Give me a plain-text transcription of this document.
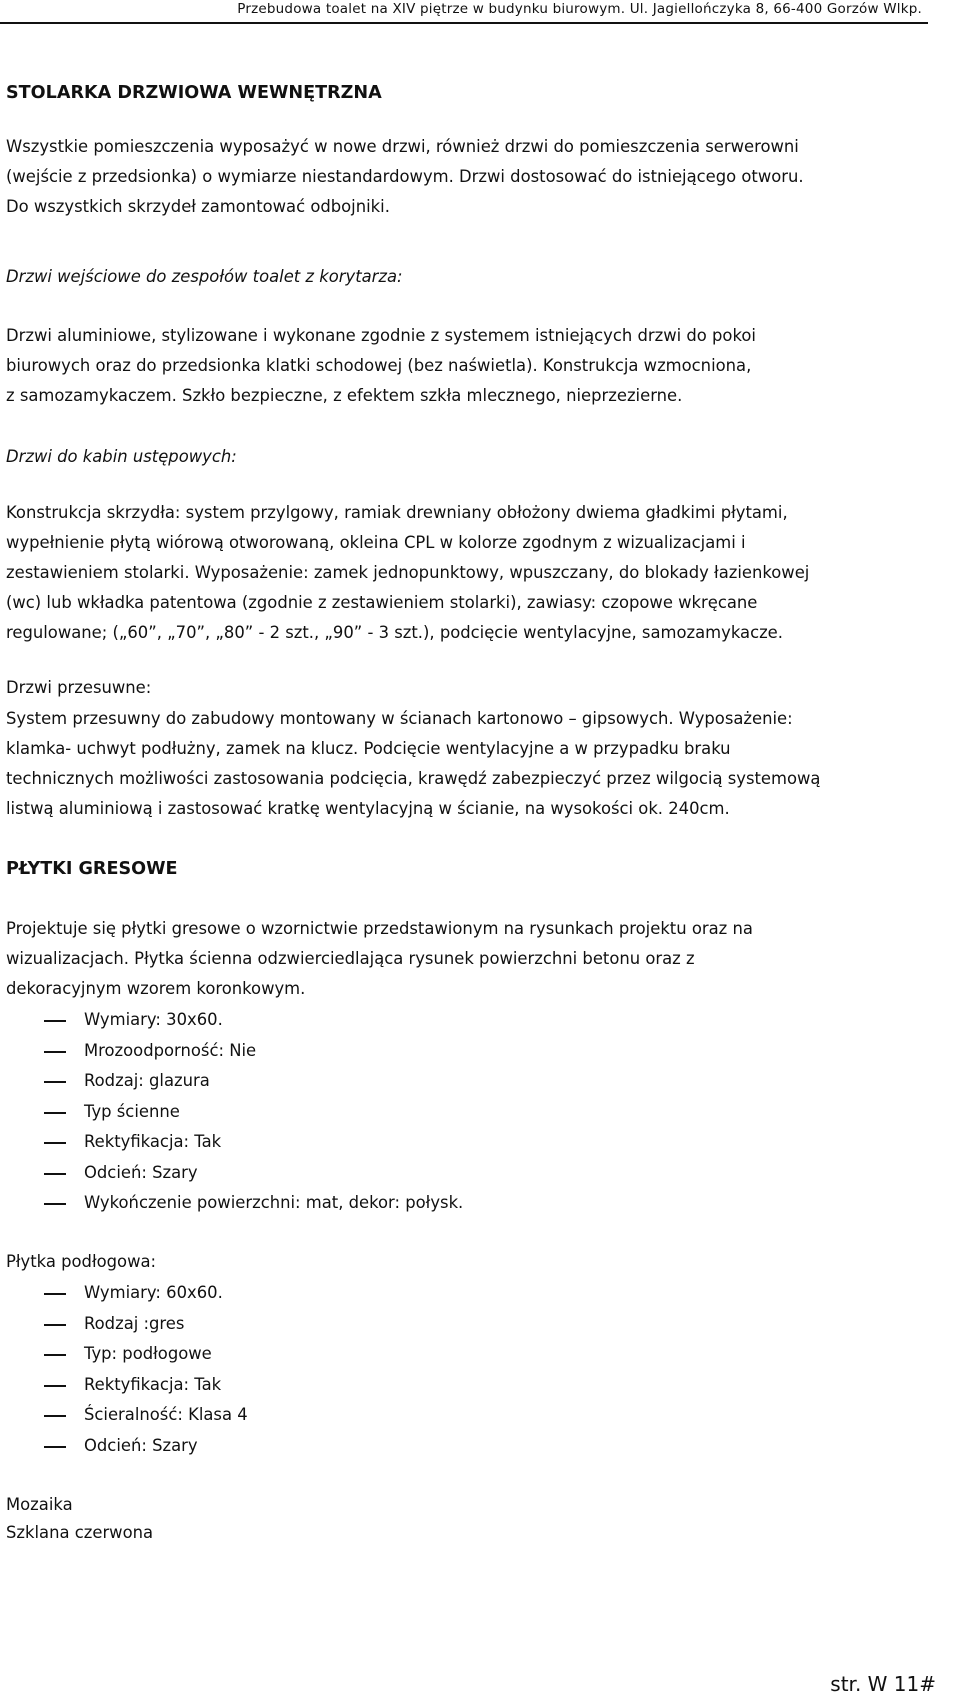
Przebudowa toalet na XIV piętrze w budynku biurowym. Ul. Jagiellończyka 8, 66-400 Gorzów Wlkp.
STOLARKA DRZWIOWA WEWNĘTRZNA
Wszystkie pomieszczenia wyposażyć w nowe drzwi, również drzwi do pomieszczenia serwerowni
(wejście z przedsionka) o wymiarze niestandardowym. Drzwi dostosować do istniejącego otworu.
Do wszystkich skrzydeł zamontować odbojniki.
Drzwi wejściowe do zespołów toalet z korytarza:
Drzwi aluminiowe, stylizowane i wykonane zgodnie z systemem istniejących drzwi do pokoi
biurowych oraz do przedsionka klatki schodowej (bez naświetla). Konstrukcja wzmocniona,
z samozamykaczem. Szkło bezpieczne, z efektem szkła mlecznego, nieprzezierne.
Drzwi do kabin ustępowych:
Konstrukcja skrzydła: system przylgowy, ramiak drewniany obłożony dwiema gładkimi płytami,
wypełnienie płytą wiórową otworowaną, okleina CPL w kolorze zgodnym z wizualizacjami i
zestawieniem stolarki. Wyposażenie: zamek jednopunktowy, wpuszczany, do blokady łazienkowej
(wc) lub wkładka patentowa (zgodnie z zestawieniem stolarki), zawiasy: czopowe wkręcane
regulowane; („60”, „70”, „80” - 2 szt., „90” - 3 szt.), podcięcie wentylacyjne, samozamykacze.
Drzwi przesuwne:
System przesuwny do zabudowy montowany w ścianach kartonowo – gipsowych. Wyposażenie:
klamka- uchwyt podłużny, zamek na klucz. Podcięcie wentylacyjne a w przypadku braku
technicznych możliwości zastosowania podcięcia, krawędź zabezpieczyć przez wilgocią systemową
listwą aluminiową i zastosować kratkę wentylacyjną w ścianie, na wysokości ok. 240cm.
PŁYTKI GRESOWE
Projektuje się płytki gresowe o wzornictwie przedstawionym na rysunkach projektu oraz na
wizualizacjach. Płytka ścienna odzwierciedlająca rysunek powierzchni betonu oraz z
dekoracyjnym wzorem koronkowym.
Wymiary: 30x60.
Mrozoodporność: Nie
Rodzaj: glazura
Typ ścienne
Rektyfikacja: Tak
Odcień: Szary
Wykończenie powierzchni: mat, dekor: połysk.
Płytka podłogowa:
Wymiary: 60x60.
Rodzaj :gres
Typ: podłogowe
Rektyfikacja: Tak
Ścieralność: Klasa 4
Odcień: Szary
Mozaika
Szklana czerwona
str. W 11#
